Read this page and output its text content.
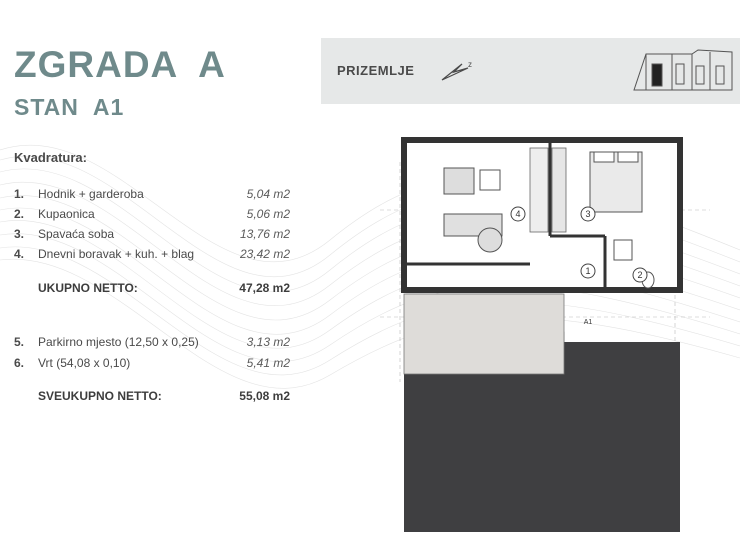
ZGRADA  A
STAN  A1
Kvadratura:
1. Hodnik + garderoba	5,04 m2
2. Kupaonica	5,06 m2
3. Spavaća soba	13,76 m2
4. Dnevni boravak + kuh. + blag	23,42 m2
UKUPNO NETTO:	47,28 m2
5. Parkirno mjesto (12,50 x 0,25)	3,13 m2
6. Vrt (54,08 x 0,10)	5,41 m2
SVEUKUPNO NETTO:	55,08 m2
PRIZEMLJE	z
4	3
1	2
A1
